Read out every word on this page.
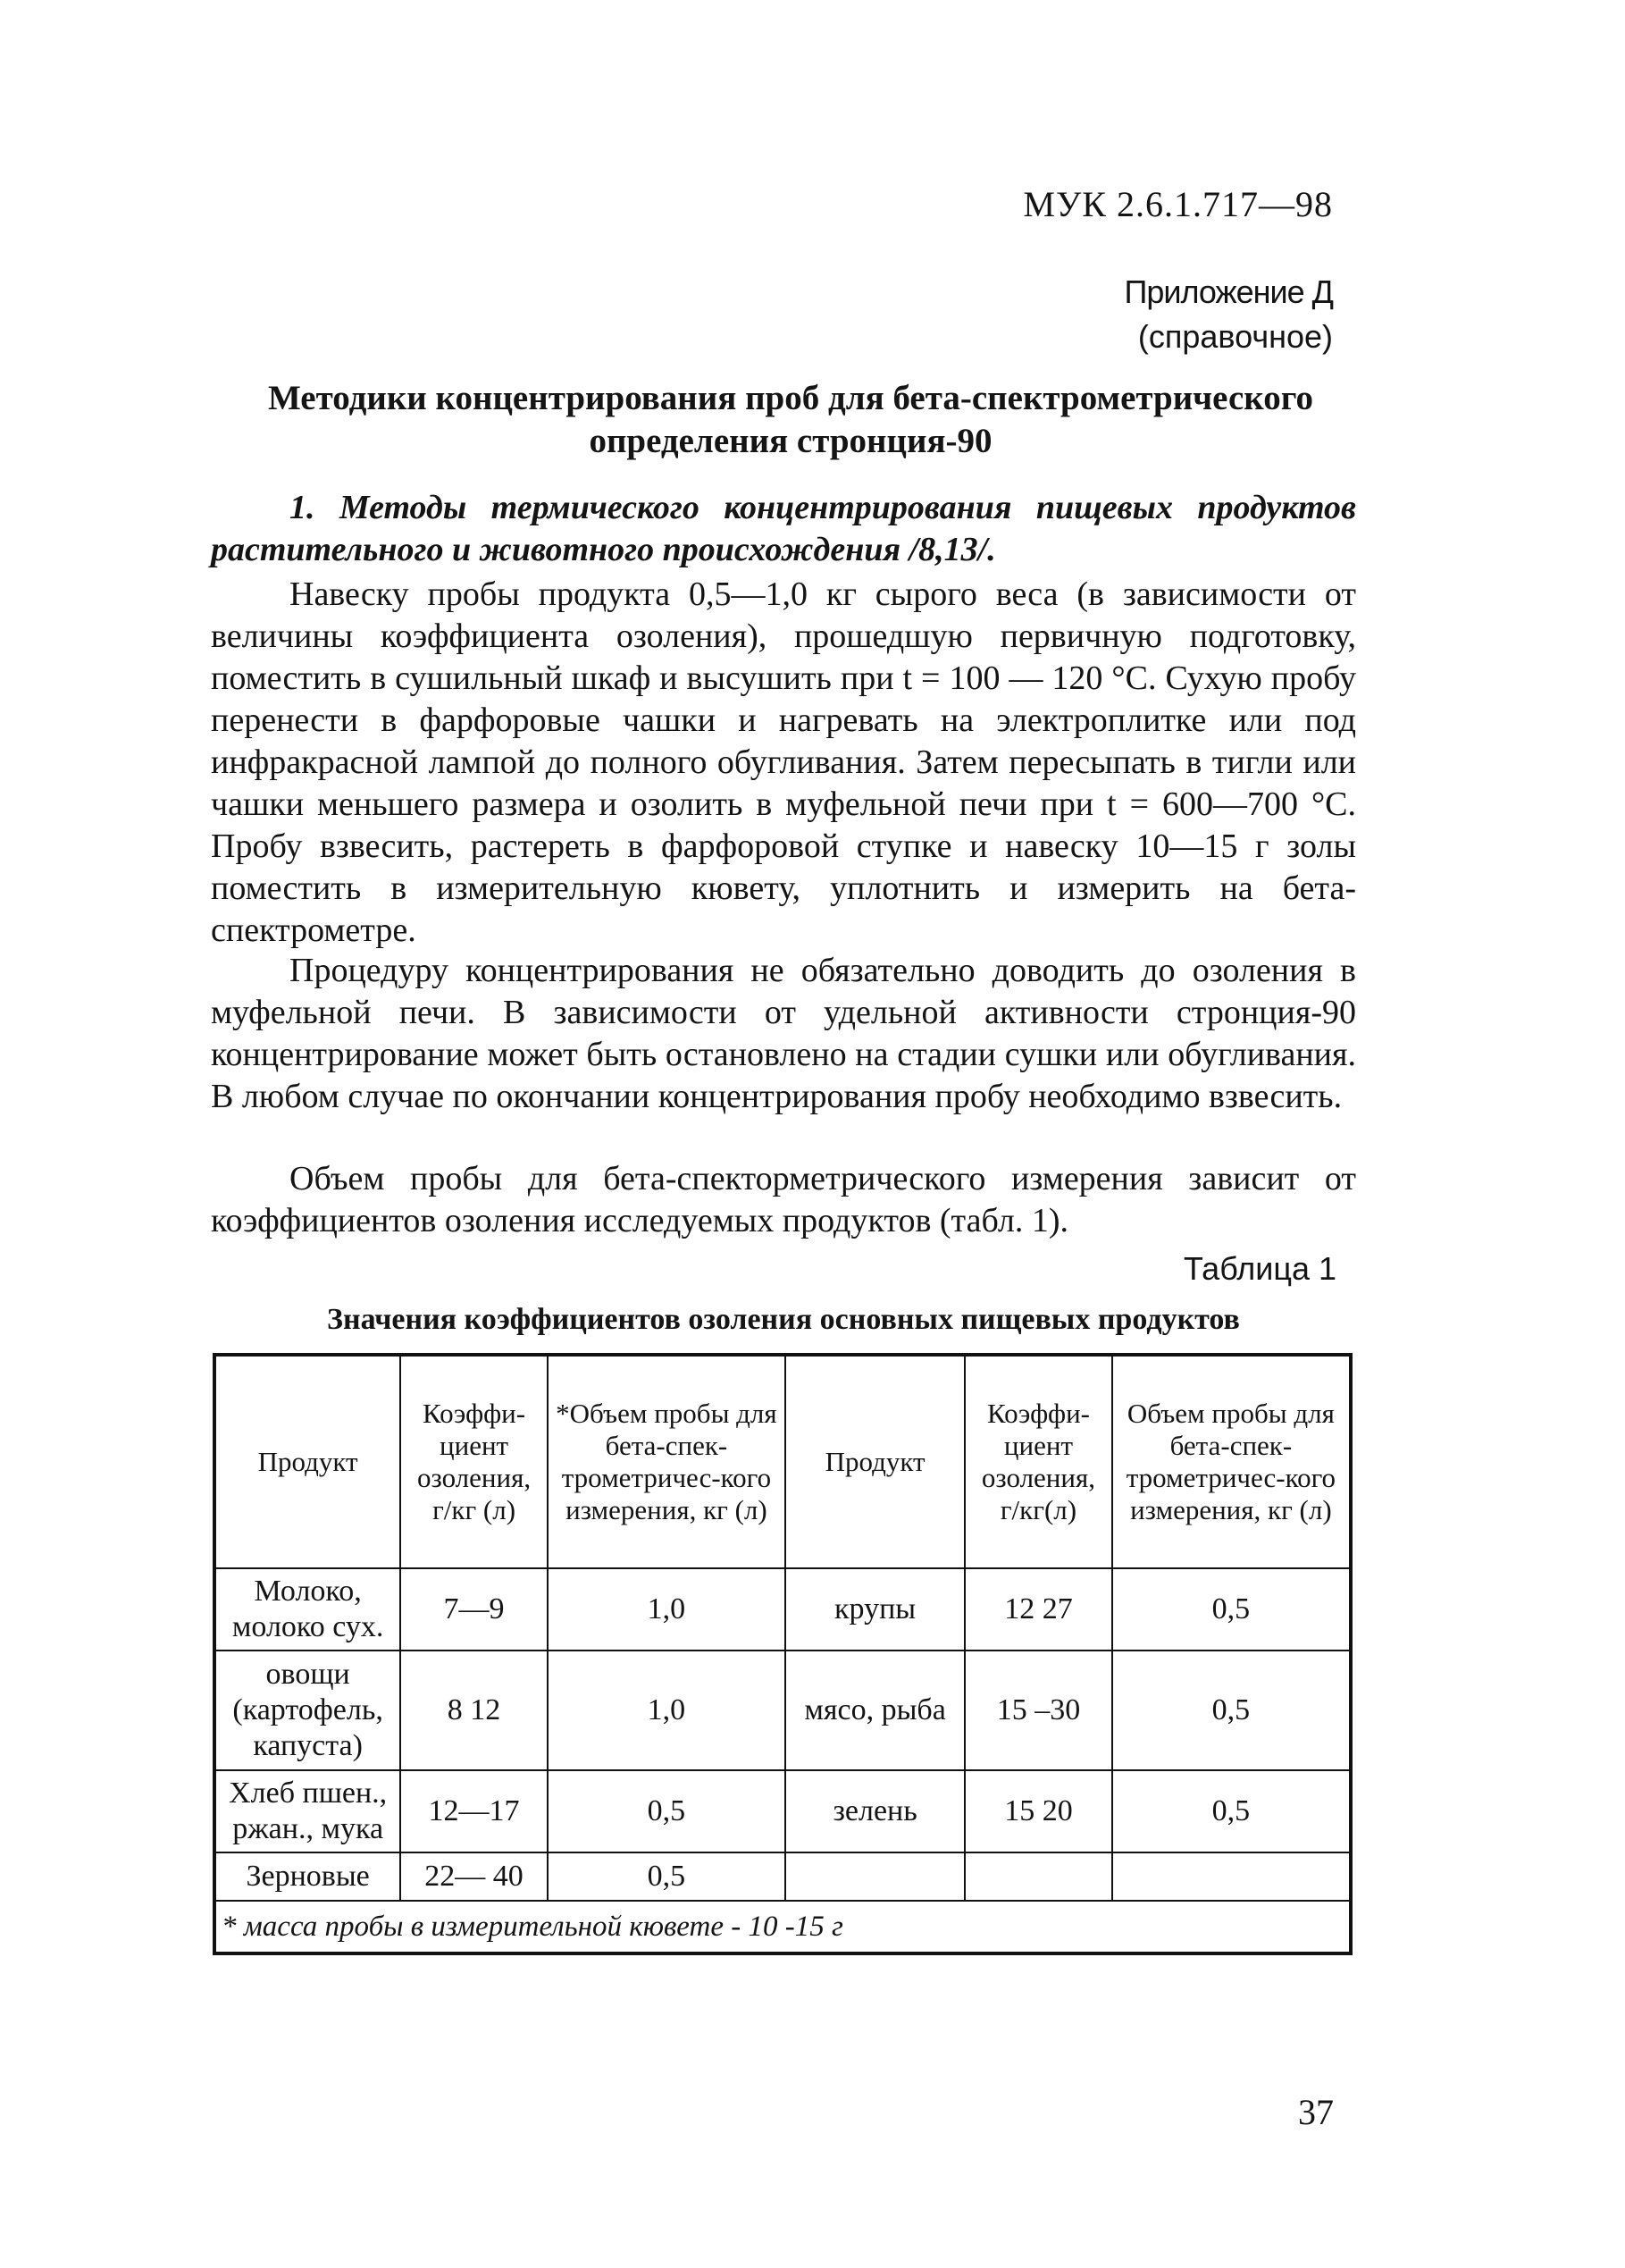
МУК 2.6.1.717—98
Приложение Д
(справочное)
Методики концентрирования проб для бета-спектрометрического определения стронция-90
1. Методы термического концентрирования пищевых продуктов растительного и животного происхождения /8,13/.
Навеску пробы продукта 0,5—1,0 кг сырого веса (в зависимости от величины коэффициента озоления), прошедшую первичную подготовку, поместить в сушильный шкаф и высушить при t = 100 — 120 °С. Сухую пробу перенести в фарфоровые чашки и нагревать на электроплитке или под инфракрасной лампой до полного обугливания. Затем пересыпать в тигли или чашки меньшего размера и озолить в муфельной печи при t = 600—700 °С. Пробу взвесить, растереть в фарфоровой ступке и навеску 10—15 г золы поместить в измерительную кювету, уплотнить и измерить на бета-спектрометре.
Процедуру концентрирования не обязательно доводить до озоления в муфельной печи. В зависимости от удельной активности стронция-90 концентрирование может быть остановлено на стадии сушки или обугливания. В любом случае по окончании концентрирования пробу необходимо взвесить.
Объем пробы для бета-спекторметрического измерения зависит от коэффициентов озоления исследуемых продуктов (табл. 1).
Таблица 1
Значения коэффициентов озоления основных пищевых продуктов
Продукт	Коэффи-циент озоления, г/кг (л)	*Объем пробы для бета-спек-трометричес-кого измерения, кг (л)	Продукт	Коэффи-циент озоления, г/кг(л)	Объем пробы для бета-спек-трометричес-кого измерения, кг (л)
Молоко, молоко сух.	7—9	1,0	крупы	12 27	0,5
овощи (картофель, капуста)	8 12	1,0	мясо, рыба	15 –30	0,5
Хлеб пшен., ржан., мука	12—17	0,5	зелень	15 20	0,5
Зерновые	22— 40	0,5			
* масса пробы в измерительной кювете - 10 -15 г					
37
